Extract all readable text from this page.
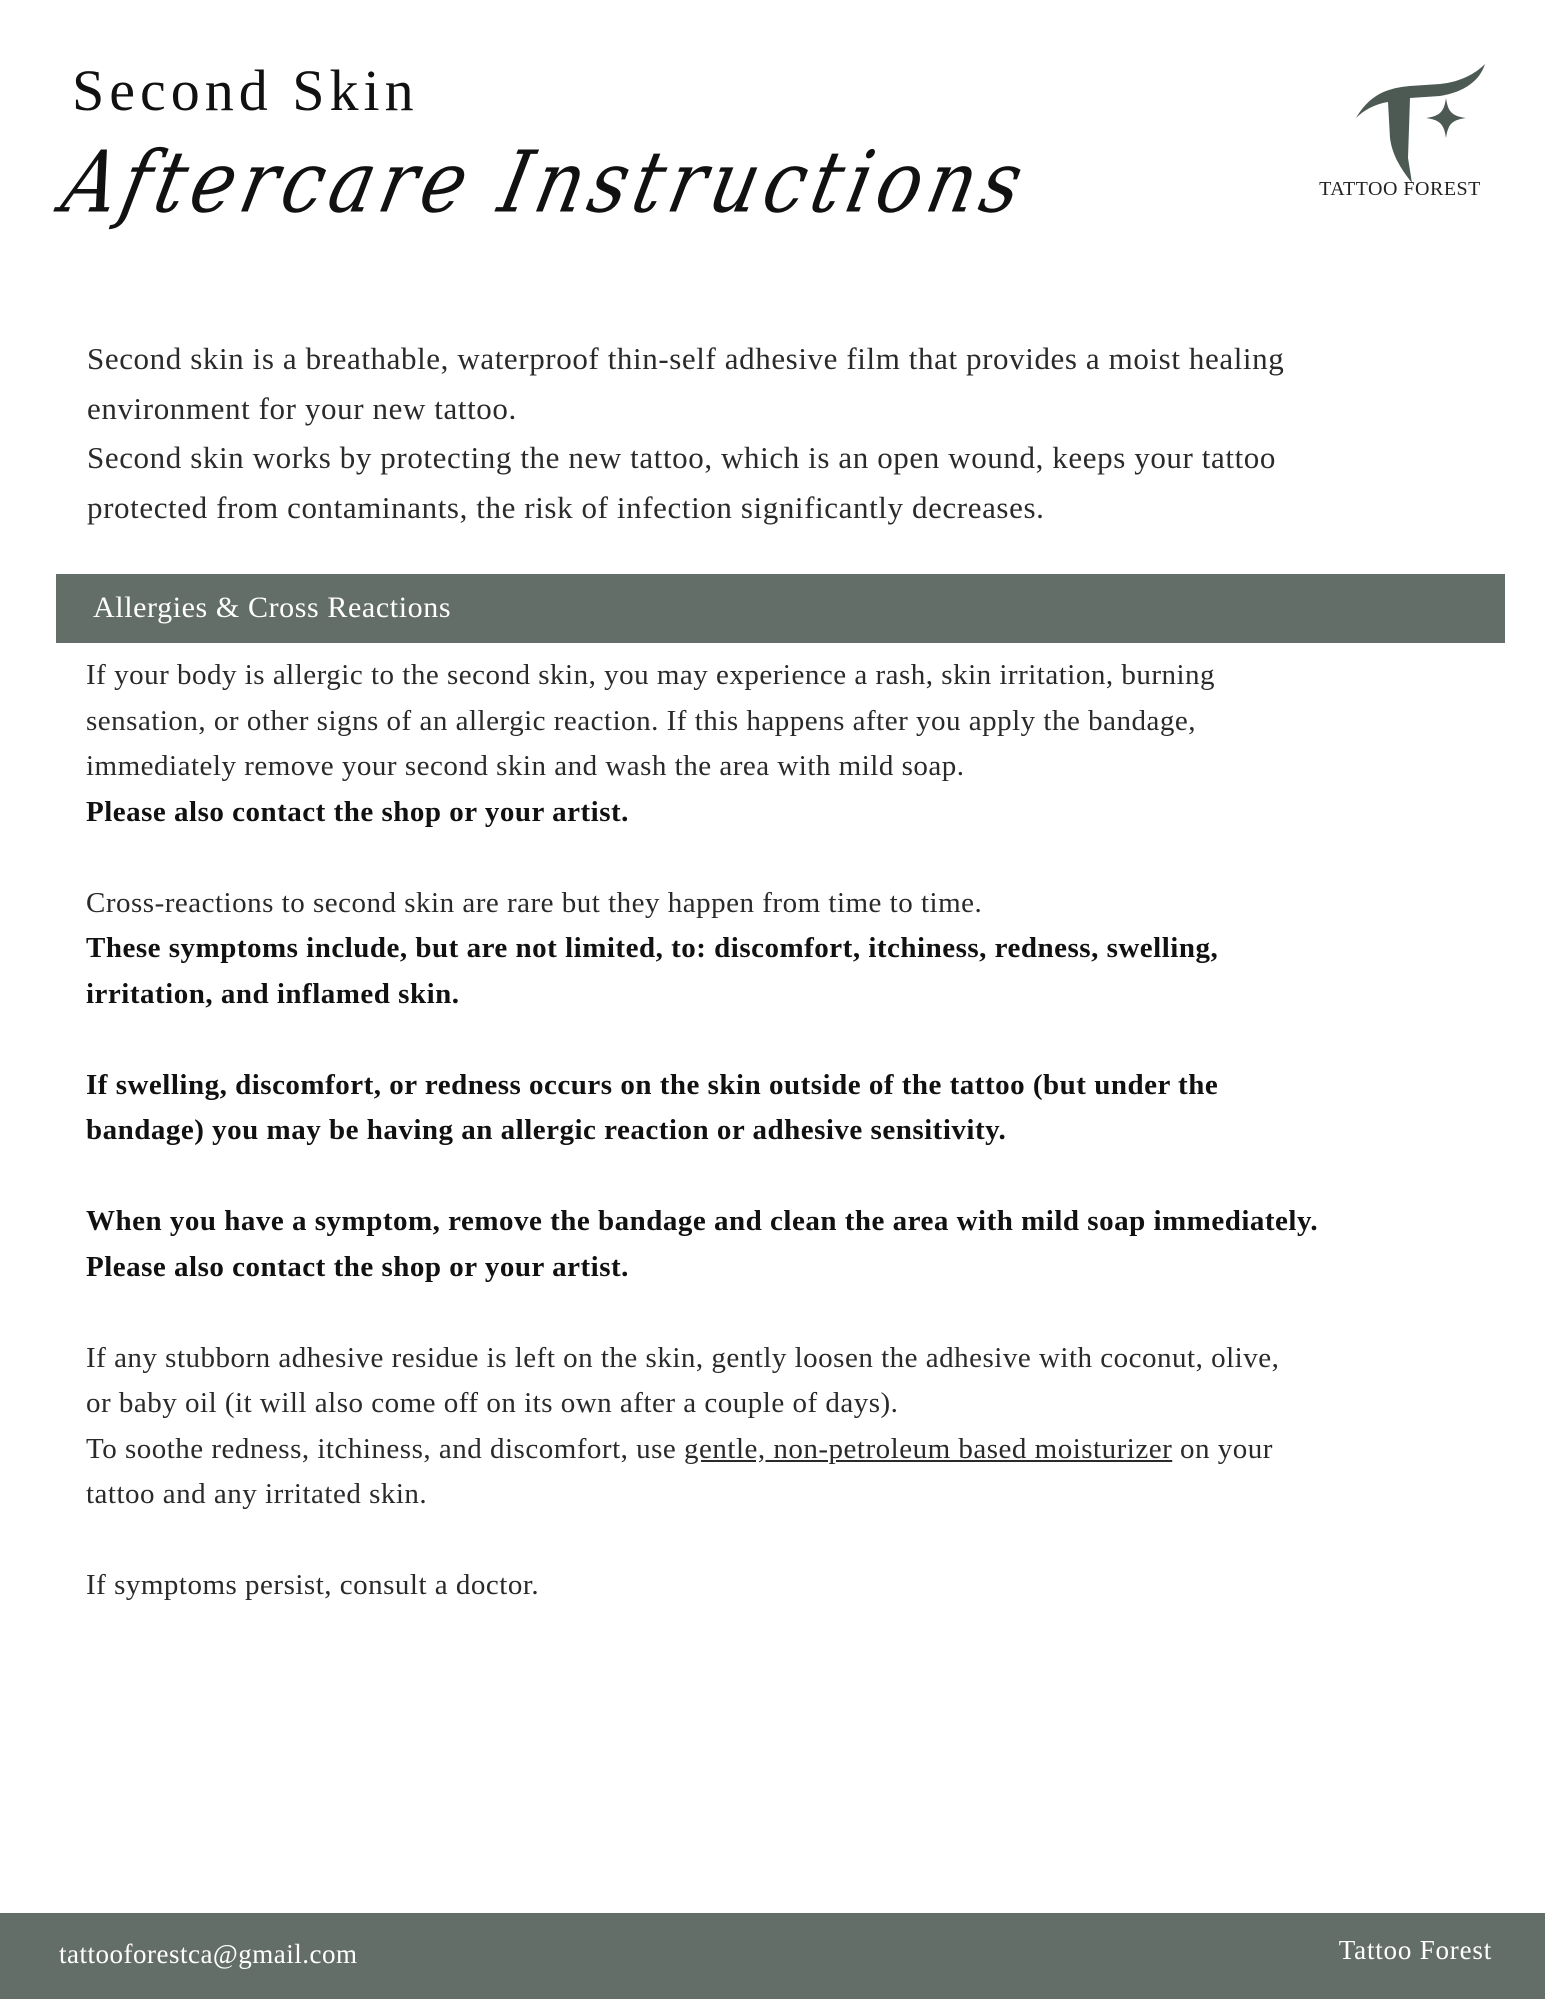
Second Skin
Aftercare Instructions	TATTOO FOREST
Second skin is a breathable, waterproof thin-self adhesive film that provides a moist healing
environment for your new tattoo.
Second skin works by protecting the new tattoo, which is an open wound, keeps your tattoo
protected from contaminants, the risk of infection significantly decreases.
Allergies & Cross Reactions
If your body is allergic to the second skin, you may experience a rash, skin irritation, burning
sensation, or other signs of an allergic reaction. If this happens after you apply the bandage,
immediately remove your second skin and wash the area with mild soap.
Please also contact the shop or your artist.
Cross-reactions to second skin are rare but they happen from time to time.
These symptoms include, but are not limited, to: discomfort, itchiness, redness, swelling,
irritation, and inflamed skin.
If swelling, discomfort, or redness occurs on the skin outside of the tattoo (but under the
bandage) you may be having an allergic reaction or adhesive sensitivity.
When you have a symptom, remove the bandage and clean the area with mild soap immediately.
Please also contact the shop or your artist.
If any stubborn adhesive residue is left on the skin, gently loosen the adhesive with coconut, olive,
or baby oil (it will also come off on its own after a couple of days).
To soothe redness, itchiness, and discomfort, use gentle, non-petroleum based moisturizer on your
tattoo and any irritated skin.
If symptoms persist, consult a doctor.
tattooforestca@gmail.com	Tattoo Forest
